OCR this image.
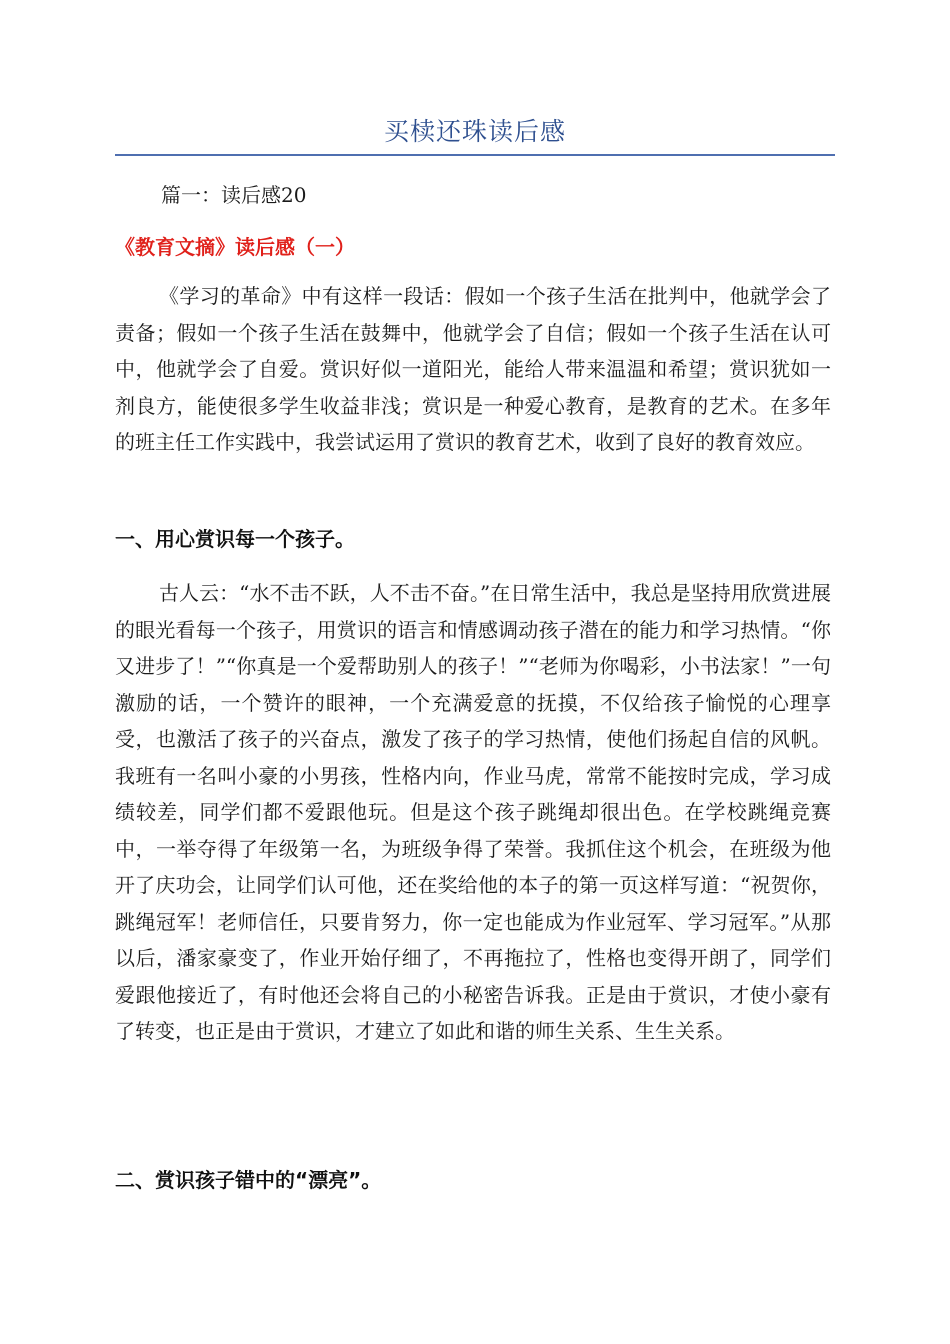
买椟还珠读后感
篇一：读后感20
《教育文摘》读后感（一）

《学习的革命》中有这样一段话：假如一个孩子生活在批判中，他就学会了责备；假如一个孩子生活在鼓舞中，他就学会了自信；假如一个孩子生活在认可中，他就学会了自爱。赏识好似一道阳光，能给人带来温温和希望；赏识犹如一剂良方，能使很多学生收益非浅；赏识是一种爱心教育，是教育的艺术。在多年的班主任工作实践中，我尝试运用了赏识的教育艺术，收到了良好的教育效应。

一、用心赏识每一个孩子。

古人云：“水不击不跃，人不击不奋。”在日常生活中，我总是坚持用欣赏进展的眼光看每一个孩子，用赏识的语言和情感调动孩子潜在的能力和学习热情。“你又进步了！”“你真是一个爱帮助别人的孩子！”“老师为你喝彩，小书法家！”一句激励的话，一个赞许的眼神，一个充满爱意的抚摸，不仅给孩子愉悦的心理享受，也激活了孩子的兴奋点，激发了孩子的学习热情，使他们扬起自信的风帆。我班有一名叫小豪的小男孩，性格内向，作业马虎，常常不能按时完成，学习成绩较差，同学们都不爱跟他玩。但是这个孩子跳绳却很出色。在学校跳绳竞赛中，一举夺得了年级第一名，为班级争得了荣誉。我抓住这个机会，在班级为他开了庆功会，让同学们认可他，还在奖给他的本子的第一页这样写道：“祝贺你，跳绳冠军！老师信任，只要肯努力，你一定也能成为作业冠军、学习冠军。”从那以后，潘家豪变了，作业开始仔细了，不再拖拉了，性格也变得开朗了，同学们爱跟他接近了，有时他还会将自己的小秘密告诉我。正是由于赏识，才使小豪有了转变，也正是由于赏识，才建立了如此和谐的师生关系、生生关系。

二、赏识孩子错中的“漂亮”。
